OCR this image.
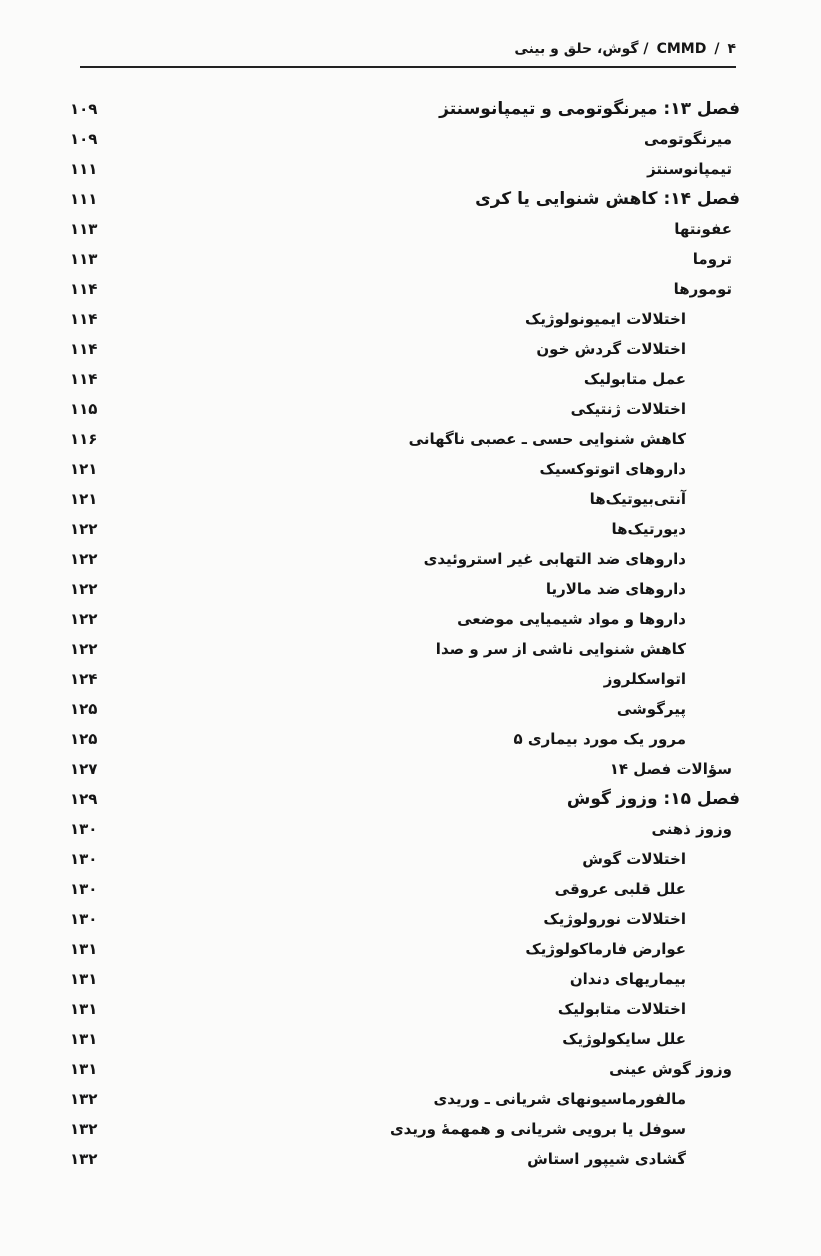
۴
/
CMMD
/ گوش، حلق و بینی
فصل ۱۳: میرنگوتومی و تیمپانوسنتز
۱۰۹
میرنگوتومی
۱۰۹
تیمپانوسنتز
۱۱۱
فصل ۱۴: کاهش شنوایی یا کری
۱۱۱
عفونتها
۱۱۳
تروما
۱۱۳
تومورها
۱۱۴
اختلالات ایمیونولوژیک
۱۱۴
اختلالات گردش خون
۱۱۴
عمل متابولیک
۱۱۴
اختلالات ژنتیکی
۱۱۵
کاهش شنوایی حسی ـ عصبی ناگهانی
۱۱۶
داروهای اتوتوکسیک
۱۲۱
آنتی‌بیوتیک‌ها
۱۲۱
دیورتیک‌ها
۱۲۲
داروهای ضد التهابی غیر استروئیدی
۱۲۲
داروهای ضد مالاریا
۱۲۲
داروها و مواد شیمیایی موضعی
۱۲۲
کاهش شنوایی ناشی از سر و صدا
۱۲۲
اتواسکلروز
۱۲۴
پیرگوشی
۱۲۵
مرور یک مورد بیماری ۵
۱۲۵
سؤالات فصل ۱۴
۱۲۷
فصل ۱۵: وزوز گوش
۱۲۹
وزوز ذهنی
۱۳۰
اختلالات گوش
۱۳۰
علل قلبی عروقی
۱۳۰
اختلالات نورولوژیک
۱۳۰
عوارض فارماکولوژیک
۱۳۱
بیماریهای دندان
۱۳۱
اختلالات متابولیک
۱۳۱
علل سایکولوژیک
۱۳۱
وزوز گوش عینی
۱۳۱
مالفورماسیونهای شریانی ـ وریدی
۱۳۲
سوفل یا برویی شریانی و همهمهٔ وریدی
۱۳۲
گشادی شیپور استاش
۱۳۲
